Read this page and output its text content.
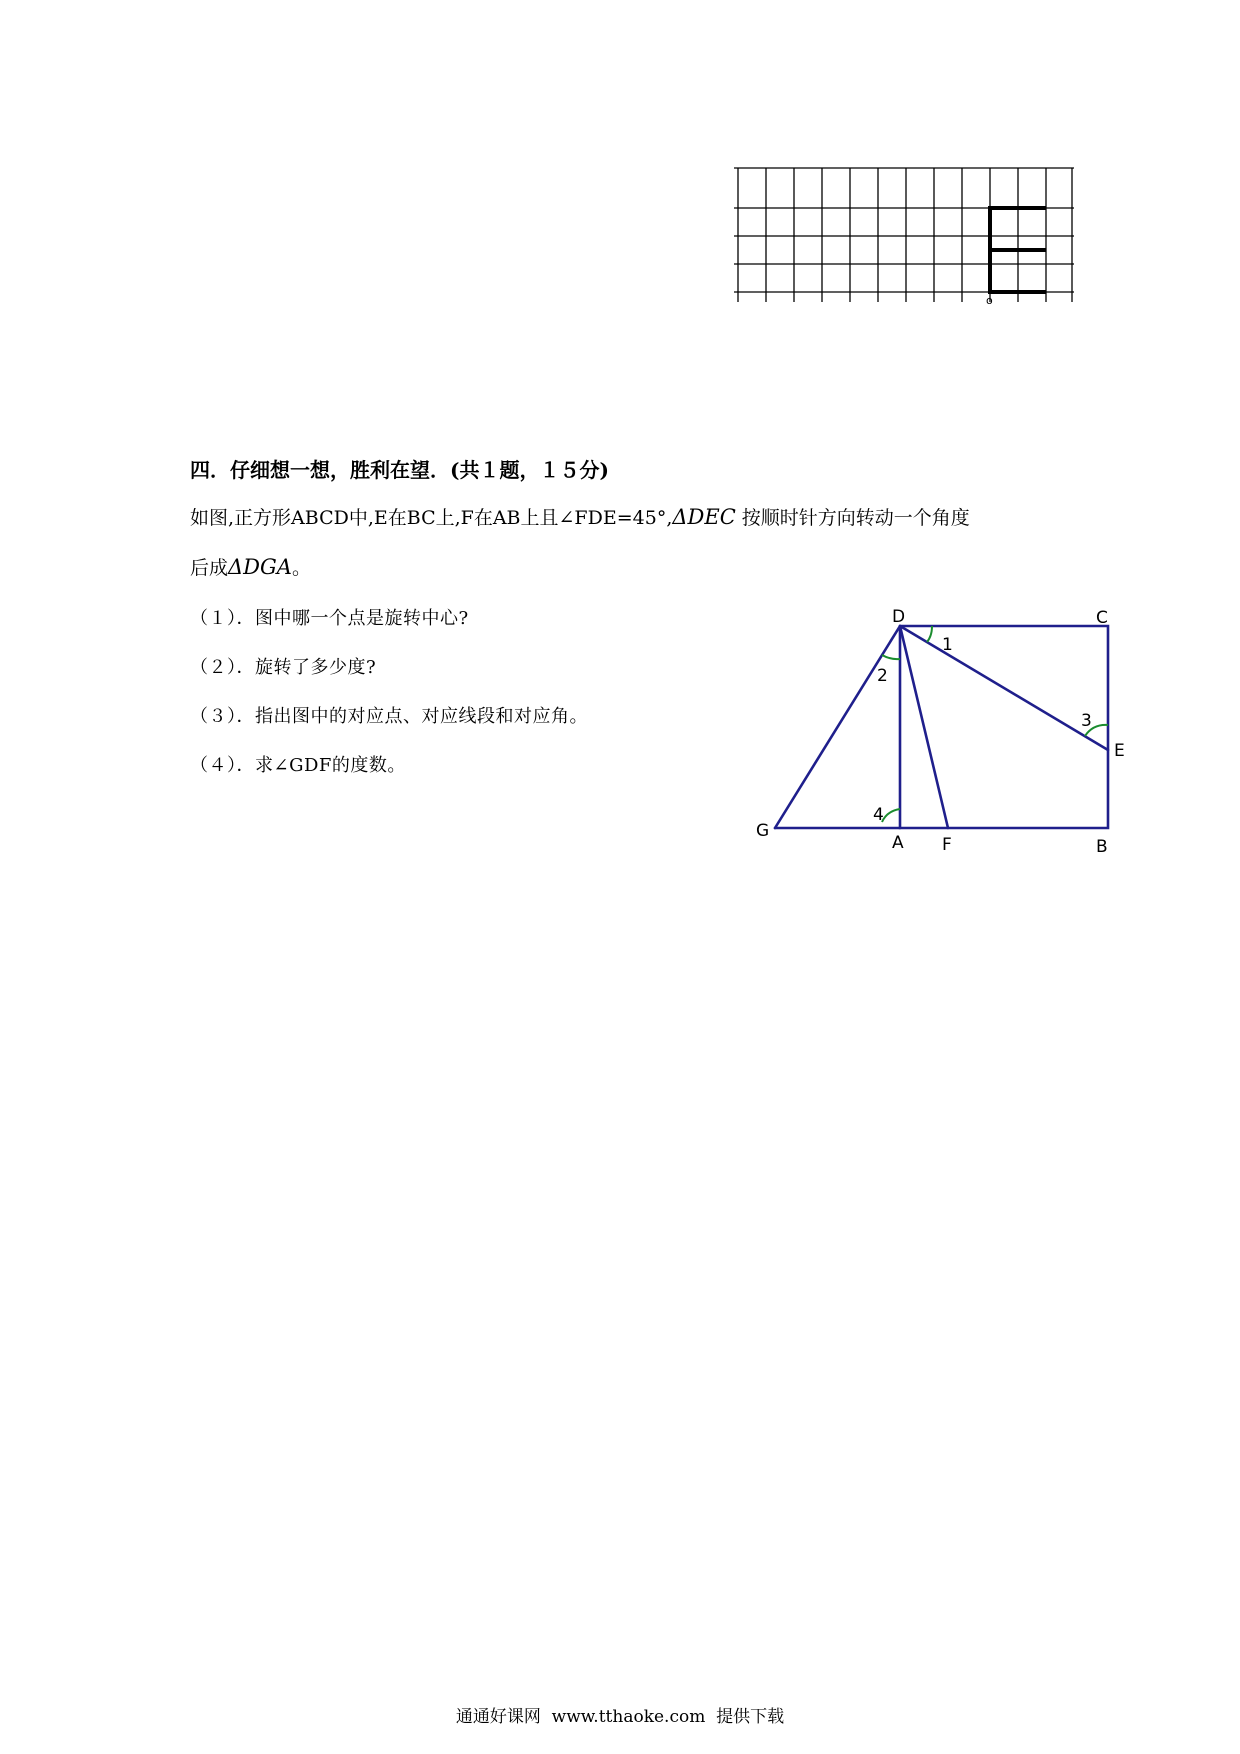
o
四．仔细想一想，胜利在望．(共１题，１５分)
如图,正方形ABCD中,E在BC上,F在AB上且∠FDE=45°,ΔDEC 按顺时针方向转动一个角度
后成ΔDGA。
（１）．图中哪一个点是旋转中心?
（２）．旋转了多少度?
（３）．指出图中的对应点、对应线段和对应角。
（４）．求∠GDF的度数。
D	C
E
B
F
A
G
1
2
3
4
通通好课网  www.tthaoke.com  提供下载
